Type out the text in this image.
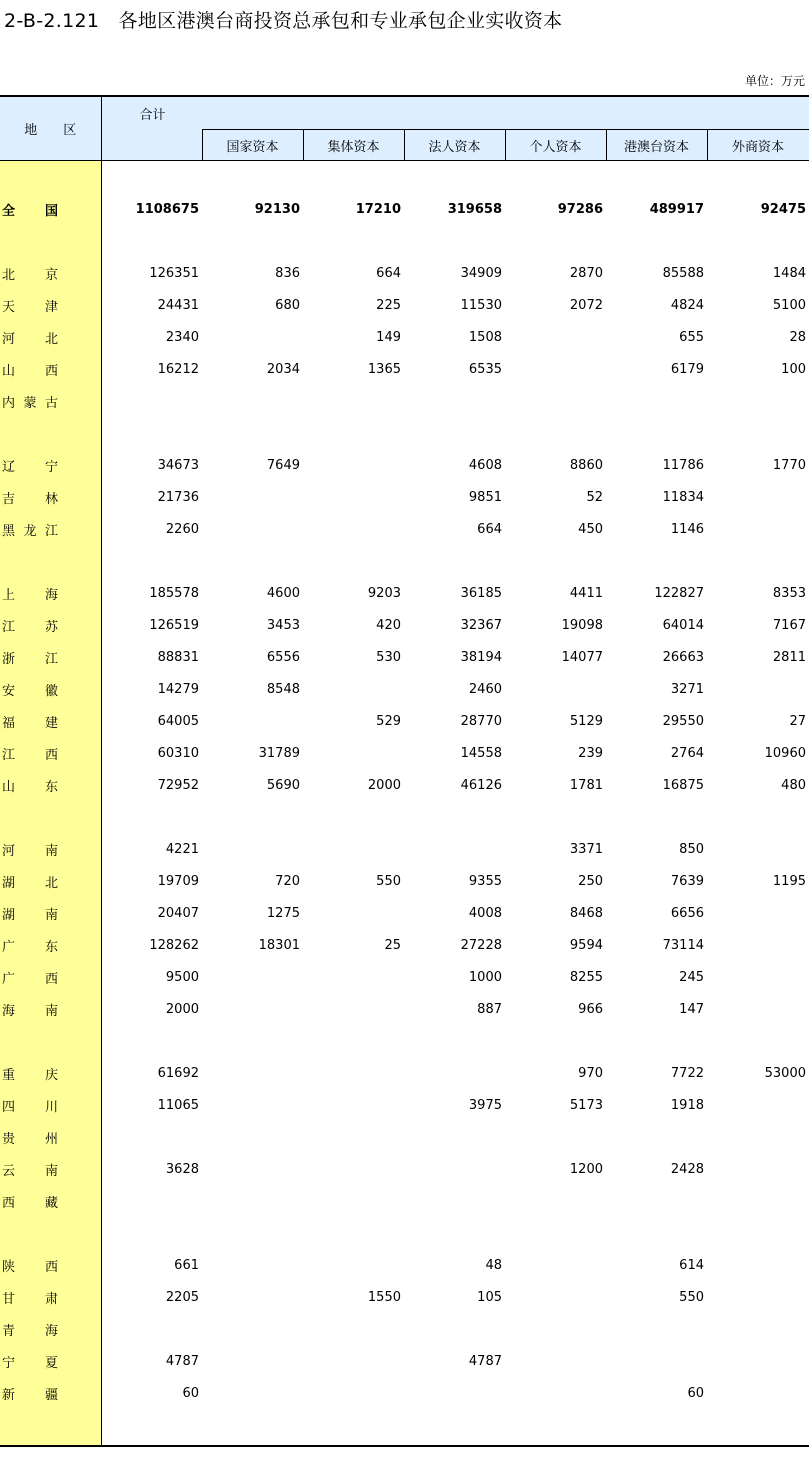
2-B-2.121　各地区港澳台商投资总承包和专业承包企业实收资本
单位：万元
地　　区	合计						
		国家资本	集体资本	法人资本	个人资本	港澳台资本	外商资本

全 国	1108675	92130	17210	319658	97286	489917	92475

北 京	126351	836	664	34909	2870	85588	1484

天 津	24431	680	225	11530	2072	4824	5100

河 北	2340		149	1508		655	28

山 西	16212	2034	1365	6535		6179	100

内 蒙 古							

辽 宁	34673	7649		4608	8860	11786	1770

吉 林	21736			9851	52	11834	

黑 龙 江	2260			664	450	1146	

上 海	185578	4600	9203	36185	4411	122827	8353

江 苏	126519	3453	420	32367	19098	64014	7167

浙 江	88831	6556	530	38194	14077	26663	2811

安 徽	14279	8548		2460		3271	

福 建	64005		529	28770	5129	29550	27

江 西	60310	31789		14558	239	2764	10960

山 东	72952	5690	2000	46126	1781	16875	480

河 南	4221				3371	850	

湖 北	19709	720	550	9355	250	7639	1195

湖 南	20407	1275		4008	8468	6656	

广 东	128262	18301	25	27228	9594	73114	

广 西	9500			1000	8255	245	

海 南	2000			887	966	147	

重 庆	61692				970	7722	53000

四 川	11065			3975	5173	1918	

贵 州							

云 南	3628				1200	2428	

西 藏							

陕 西	661			48		614	

甘 肃	2205		1550	105		550	

青 海							

宁 夏	4787			4787			

新 疆	60					60	
